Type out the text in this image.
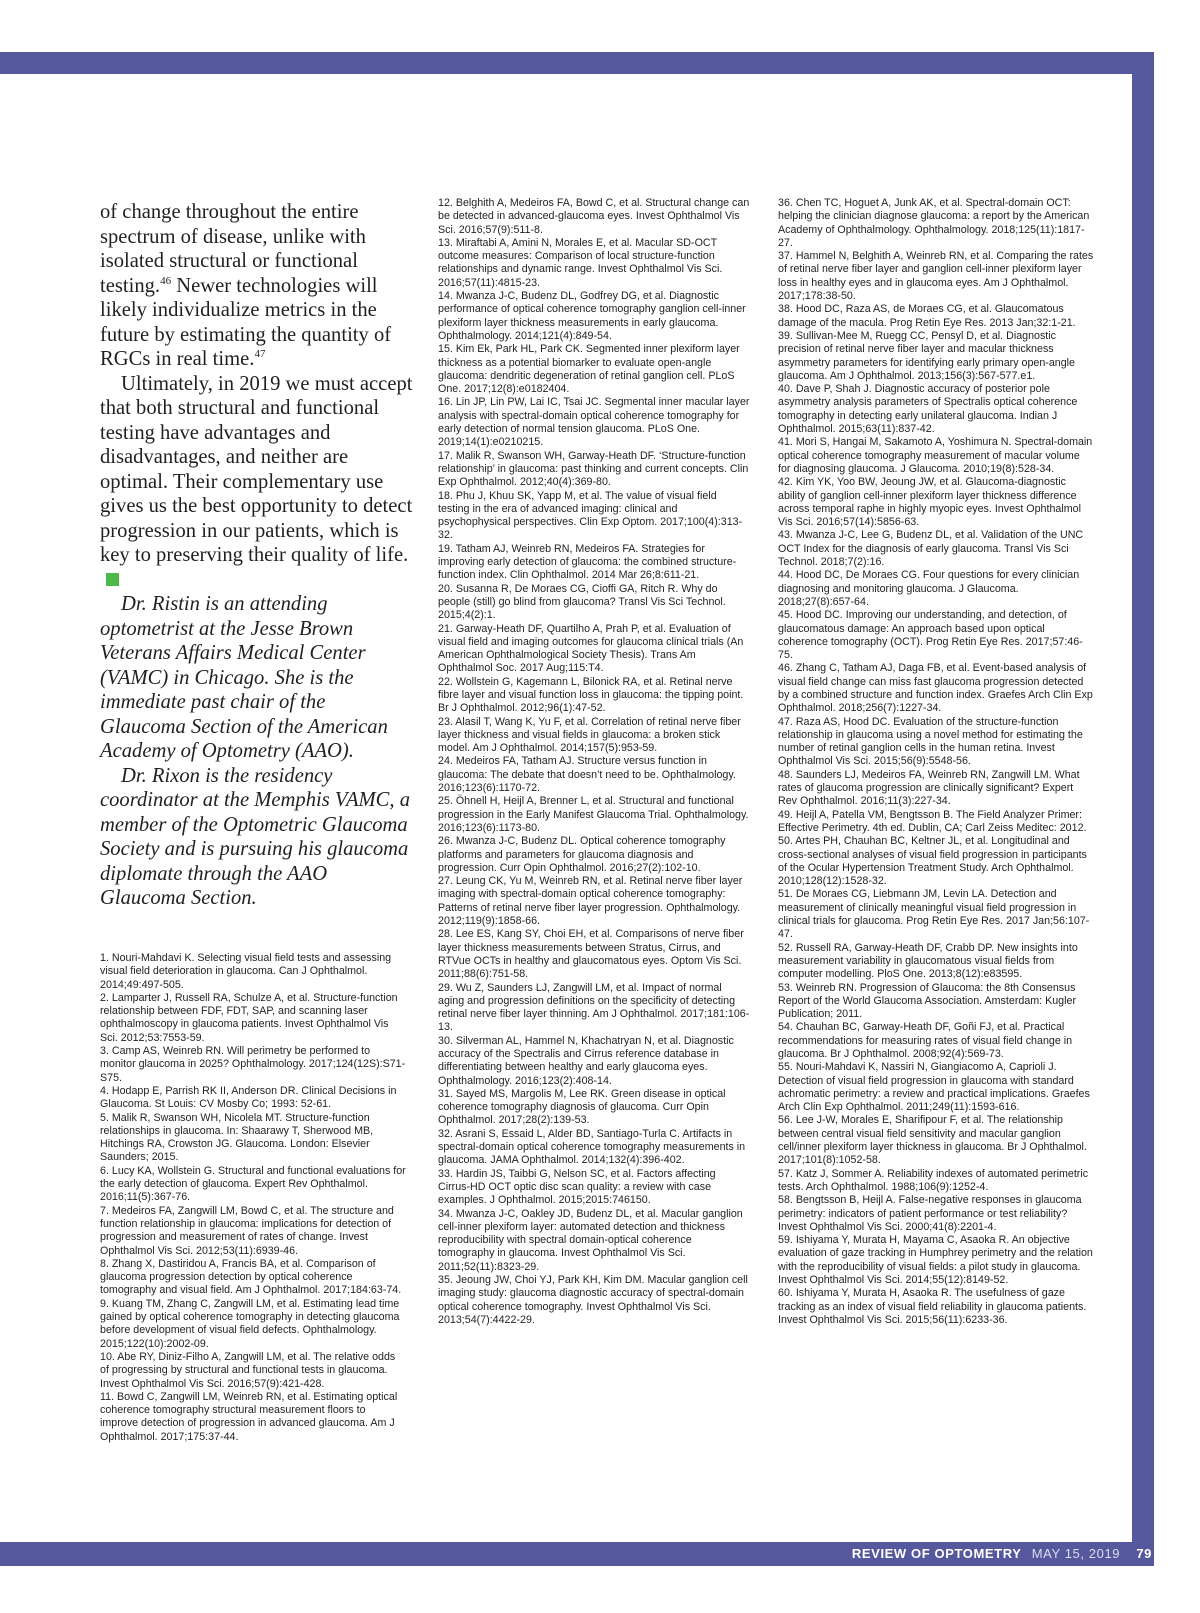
of change throughout the entire spectrum of disease, unlike with isolated structural or functional testing.$^{46}$ Newer technologies will likely individualize metrics in the future by estimating the quantity of RGCs in real time.$^{47}$

Ultimately, in 2019 we must accept that both structural and functional testing have advantages and disadvantages, and neither are optimal. Their complementary use gives us the best opportunity to detect progression in our patients, which is key to preserving their quality of life.

Dr. Ristin is an attending optometrist at the Jesse Brown Veterans Affairs Medical Center (VAMC) in Chicago. She is the immediate past chair of the Glaucoma Section of the American Academy of Optometry (AAO).

Dr. Rixon is the residency coordinator at the Memphis VAMC, a member of the Optometric Glaucoma Society and is pursuing his glaucoma diplomate through the AAO Glaucoma Section.

1. Nouri-Mahdavi K. Selecting visual field tests and assessing visual field deterioration in glaucoma. Can J Ophthalmol. 2014;49:497-505.

2. Lamparter J, Russell RA, Schulze A, et al. Structure-function relationship between FDF, FDT, SAP, and scanning laser ophthalmoscopy in glaucoma patients. Invest Ophthalmol Vis Sci. 2012;53:7553-59.

3. Camp AS, Weinreb RN. Will perimetry be performed to monitor glaucoma in 2025? Ophthalmology. 2017;124(12S):S71-S75.

4. Hodapp E, Parrish RK II, Anderson DR. Clinical Decisions in Glaucoma. St Louis: CV Mosby Co; 1993: 52-61.

5. Malik R, Swanson WH, Nicolela MT. Structure-function relationships in glaucoma. In: Shaarawy T, Sherwood MB, Hitchings RA, Crowston JG. Glaucoma. London: Elsevier Saunders; 2015.

6. Lucy KA, Wollstein G. Structural and functional evaluations for the early detection of glaucoma. Expert Rev Ophthalmol. 2016;11(5):367-76.

7. Medeiros FA, Zangwill LM, Bowd C, et al. The structure and function relationship in glaucoma: implications for detection of progression and measurement of rates of change. Invest Ophthalmol Vis Sci. 2012;53(11):6939-46.

8. Zhang X, Dastiridou A, Francis BA, et al. Comparison of glaucoma progression detection by optical coherence tomography and visual field. Am J Ophthalmol. 2017;184:63-74.

9. Kuang TM, Zhang C, Zangwill LM, et al. Estimating lead time gained by optical coherence tomography in detecting glaucoma before development of visual field defects. Ophthalmology. 2015;122(10):2002-09.

10. Abe RY, Diniz-Filho A, Zangwill LM, et al. The relative odds of progressing by structural and functional tests in glaucoma. Invest Ophthalmol Vis Sci. 2016;57(9):421-428.

11. Bowd C, Zangwill LM, Weinreb RN, et al. Estimating optical coherence tomography structural measurement floors to improve detection of progression in advanced glaucoma. Am J Ophthalmol. 2017;175:37-44.

12. Belghith A, Medeiros FA, Bowd C, et al. Structural change can be detected in advanced-glaucoma eyes. Invest Ophthalmol Vis Sci. 2016;57(9):511-8.

13. Miraftabi A, Amini N, Morales E, et al. Macular SD-OCT outcome measures: Comparison of local structure-function relationships and dynamic range. Invest Ophthalmol Vis Sci. 2016;57(11):4815-23.

14. Mwanza J-C, Budenz DL, Godfrey DG, et al. Diagnostic performance of optical coherence tomography ganglion cell-inner plexiform layer thickness measurements in early glaucoma. Ophthalmology. 2014;121(4):849-54.

15. Kim Ek, Park HL, Park CK. Segmented inner plexiform layer thickness as a potential biomarker to evaluate open-angle glaucoma: dendritic degeneration of retinal ganglion cell. PLoS One. 2017;12(8):e0182404.

16. Lin JP, Lin PW, Lai IC, Tsai JC. Segmental inner macular layer analysis with spectral-domain optical coherence tomography for early detection of normal tension glaucoma. PLoS One. 2019;14(1):e0210215.

17. Malik R, Swanson WH, Garway-Heath DF. ‘Structure-function relationship’ in glaucoma: past thinking and current concepts. Clin Exp Ophthalmol. 2012;40(4):369-80.

18. Phu J, Khuu SK, Yapp M, et al. The value of visual field testing in the era of advanced imaging: clinical and psychophysical perspectives. Clin Exp Optom. 2017;100(4):313-32.

19. Tatham AJ, Weinreb RN, Medeiros FA. Strategies for improving early detection of glaucoma: the combined structure-function index. Clin Ophthalmol. 2014 Mar 26;8:611-21.

20. Susanna R, De Moraes CG, Cioffi GA, Ritch R. Why do people (still) go blind from glaucoma? Transl Vis Sci Technol. 2015;4(2):1.

21. Garway-Heath DF, Quartilho A, Prah P, et al. Evaluation of visual field and imaging outcomes for glaucoma clinical trials (An American Ophthalmological Society Thesis). Trans Am Ophthalmol Soc. 2017 Aug;115:T4.

22. Wollstein G, Kagemann L, Bilonick RA, et al. Retinal nerve fibre layer and visual function loss in glaucoma: the tipping point. Br J Ophthalmol. 2012;96(1):47-52.

23. Alasil T, Wang K, Yu F, et al. Correlation of retinal nerve fiber layer thickness and visual fields in glaucoma: a broken stick model. Am J Ophthalmol. 2014;157(5):953-59.

24. Medeiros FA, Tatham AJ. Structure versus function in glaucoma: The debate that doesn’t need to be. Ophthalmology. 2016;123(6):1170-72.

25. Öhnell H, Heijl A, Brenner L, et al. Structural and functional progression in the Early Manifest Glaucoma Trial. Ophthalmology. 2016;123(6):1173-80.

26. Mwanza J-C, Budenz DL. Optical coherence tomography platforms and parameters for glaucoma diagnosis and progression. Curr Opin Ophthalmol. 2016;27(2):102-10.

27. Leung CK, Yu M, Weinreb RN, et al. Retinal nerve fiber layer imaging with spectral-domain optical coherence tomography: Patterns of retinal nerve fiber layer progression. Ophthalmology. 2012;119(9):1858-66.

28. Lee ES, Kang SY, Choi EH, et al. Comparisons of nerve fiber layer thickness measurements between Stratus, Cirrus, and RTVue OCTs in healthy and glaucomatous eyes. Optom Vis Sci. 2011;88(6):751-58.

29. Wu Z, Saunders LJ, Zangwill LM, et al. Impact of normal aging and progression definitions on the specificity of detecting retinal nerve fiber layer thinning. Am J Ophthalmol. 2017;181:106-13.

30. Silverman AL, Hammel N, Khachatryan N, et al. Diagnostic accuracy of the Spectralis and Cirrus reference database in differentiating between healthy and early glaucoma eyes. Ophthalmology. 2016;123(2):408-14.

31. Sayed MS, Margolis M, Lee RK. Green disease in optical coherence tomography diagnosis of glaucoma. Curr Opin Ophthalmol. 2017;28(2):139-53.

32. Asrani S, Essaid L, Alder BD, Santiago-Turla C. Artifacts in spectral-domain optical coherence tomography measurements in glaucoma. JAMA Ophthalmol. 2014;132(4):396-402.

33. Hardin JS, Taibbi G, Nelson SC, et al. Factors affecting Cirrus-HD OCT optic disc scan quality: a review with case examples. J Ophthalmol. 2015;2015:746150.

34. Mwanza J-C, Oakley JD, Budenz DL, et al. Macular ganglion cell-inner plexiform layer: automated detection and thickness reproducibility with spectral domain-optical coherence tomography in glaucoma. Invest Ophthalmol Vis Sci. 2011;52(11):8323-29.

35. Jeoung JW, Choi YJ, Park KH, Kim DM. Macular ganglion cell imaging study: glaucoma diagnostic accuracy of spectral-domain optical coherence tomography. Invest Ophthalmol Vis Sci. 2013;54(7):4422-29.

36. Chen TC, Hoguet A, Junk AK, et al. Spectral-domain OCT: helping the clinician diagnose glaucoma: a report by the American Academy of Ophthalmology. Ophthalmology. 2018;125(11):1817-27.

37. Hammel N, Belghith A, Weinreb RN, et al. Comparing the rates of retinal nerve fiber layer and ganglion cell-inner plexiform layer loss in healthy eyes and in glaucoma eyes. Am J Ophthalmol. 2017;178:38-50.

38. Hood DC, Raza AS, de Moraes CG, et al. Glaucomatous damage of the macula. Prog Retin Eye Res. 2013 Jan;32:1-21.

39. Sullivan-Mee M, Ruegg CC, Pensyl D, et al. Diagnostic precision of retinal nerve fiber layer and macular thickness asymmetry parameters for identifying early primary open-angle glaucoma. Am J Ophthalmol. 2013;156(3):567-577.e1.

40. Dave P, Shah J. Diagnostic accuracy of posterior pole asymmetry analysis parameters of Spectralis optical coherence tomography in detecting early unilateral glaucoma. Indian J Ophthalmol. 2015;63(11):837-42.

41. Mori S, Hangai M, Sakamoto A, Yoshimura N. Spectral-domain optical coherence tomography measurement of macular volume for diagnosing glaucoma. J Glaucoma. 2010;19(8):528-34.

42. Kim YK, Yoo BW, Jeoung JW, et al. Glaucoma-diagnostic ability of ganglion cell-inner plexiform layer thickness difference across temporal raphe in highly myopic eyes. Invest Ophthalmol Vis Sci. 2016;57(14):5856-63.

43. Mwanza J-C, Lee G, Budenz DL, et al. Validation of the UNC OCT Index for the diagnosis of early glaucoma. Transl Vis Sci Technol. 2018;7(2):16.

44. Hood DC, De Moraes CG. Four questions for every clinician diagnosing and monitoring glaucoma. J Glaucoma. 2018;27(8):657-64.

45. Hood DC. Improving our understanding, and detection, of glaucomatous damage: An approach based upon optical coherence tomography (OCT). Prog Retin Eye Res. 2017;57:46-75.

46. Zhang C, Tatham AJ, Daga FB, et al. Event-based analysis of visual field change can miss fast glaucoma progression detected by a combined structure and function index. Graefes Arch Clin Exp Ophthalmol. 2018;256(7):1227-34.

47. Raza AS, Hood DC. Evaluation of the structure-function relationship in glaucoma using a novel method for estimating the number of retinal ganglion cells in the human retina. Invest Ophthalmol Vis Sci. 2015;56(9):5548-56.

48. Saunders LJ, Medeiros FA, Weinreb RN, Zangwill LM. What rates of glaucoma progression are clinically significant? Expert Rev Ophthalmol. 2016;11(3):227-34.

49. Heijl A, Patella VM, Bengtsson B. The Field Analyzer Primer: Effective Perimetry. 4th ed. Dublin, CA; Carl Zeiss Meditec: 2012.

50. Artes PH, Chauhan BC, Keltner JL, et al. Longitudinal and cross-sectional analyses of visual field progression in participants of the Ocular Hypertension Treatment Study. Arch Ophthalmol. 2010;128(12):1528-32.

51. De Moraes CG, Liebmann JM, Levin LA. Detection and measurement of clinically meaningful visual field progression in clinical trials for glaucoma. Prog Retin Eye Res. 2017 Jan;56:107-47.

52. Russell RA, Garway-Heath DF, Crabb DP. New insights into measurement variability in glaucomatous visual fields from computer modelling. PloS One. 2013;8(12):e83595.

53. Weinreb RN. Progression of Glaucoma: the 8th Consensus Report of the World Glaucoma Association. Amsterdam: Kugler Publication; 2011.

54. Chauhan BC, Garway-Heath DF, Goñi FJ, et al. Practical recommendations for measuring rates of visual field change in glaucoma. Br J Ophthalmol. 2008;92(4):569-73.

55. Nouri-Mahdavi K, Nassiri N, Giangiacomo A, Caprioli J. Detection of visual field progression in glaucoma with standard achromatic perimetry: a review and practical implications. Graefes Arch Clin Exp Ophthalmol. 2011;249(11):1593-616.

56. Lee J-W, Morales E, Sharifipour F, et al. The relationship between central visual field sensitivity and macular ganglion cell/inner plexiform layer thickness in glaucoma. Br J Ophthalmol. 2017;101(8):1052-58.

57. Katz J, Sommer A. Reliability indexes of automated perimetric tests. Arch Ophthalmol. 1988;106(9):1252-4.

58. Bengtsson B, Heijl A. False-negative responses in glaucoma perimetry: indicators of patient performance or test reliability? Invest Ophthalmol Vis Sci. 2000;41(8):2201-4.

59. Ishiyama Y, Murata H, Mayama C, Asaoka R. An objective evaluation of gaze tracking in Humphrey perimetry and the relation with the reproducibility of visual fields: a pilot study in glaucoma. Invest Ophthalmol Vis Sci. 2014;55(12):8149-52.

60. Ishiyama Y, Murata H, Asaoka R. The usefulness of gaze tracking as an index of visual field reliability in glaucoma patients. Invest Ophthalmol Vis Sci. 2015;56(11):6233-36.

REVIEW OF OPTOMETRY MAY 15, 2019 79
